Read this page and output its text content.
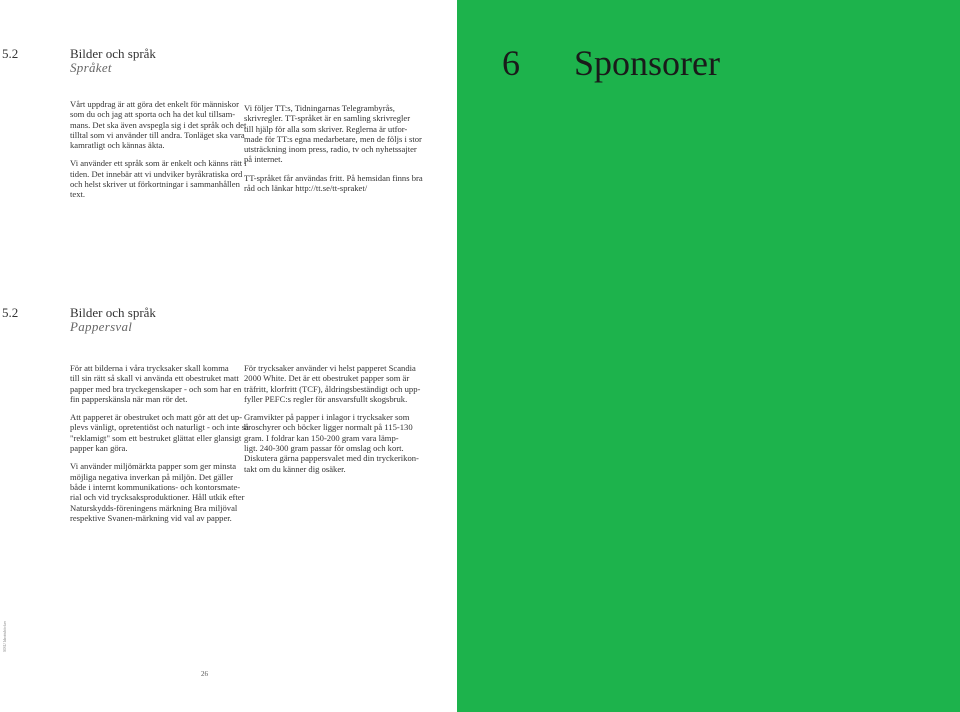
5.2	Bilder och språk
Språket

Vårt uppdrag är att göra det enkelt för människor
som du och jag att sporta och ha det kul tillsam-
mans. Det ska även avspegla sig i det språk och det
tilltal som vi använder till andra. Tonläget ska vara
kamratligt och kännas äkta.

Vi använder ett språk som är enkelt och känns rätt i
tiden. Det innebär att vi undviker byråkratiska ord
och helst skriver ut förkortningar i sammanhållen
text.

Vi följer TT:s, Tidningarnas Telegrambyrås,
skrivregler. TT-språket är en samling skrivregler
till hjälp för alla som skriver. Reglerna är utfor-
made för TT:s egna medarbetare, men de följs i stor
utsträckning inom press, radio, tv och nyhetssajter
på internet.

TT-språket får användas fritt. På hemsidan finns bra
råd och länkar http://tt.se/tt-spraket/

5.2	Bilder och språk
Pappersval

För att bilderna i våra trycksaker skall komma
till sin rätt så skall vi använda ett obestruket matt
papper med bra tryckegenskaper - och som har en
fin papperskänsla när man rör det.

Att papperet är obestruket och matt gör att det up-
plevs vänligt, opretentiöst och naturligt - och inte så
"reklamigt" som ett bestruket glättat eller glansigt
papper kan göra.

Vi använder miljömärkta papper som ger minsta
möjliga negativa inverkan på miljön. Det gäller
både i internt kommunikations- och kontorsmate-
rial och vid trycksaksproduktioner. Håll utkik efter
Naturskydds-föreningens märkning Bra miljöval
respektive Svanen-märkning vid val av papper.

För trycksaker använder vi helst papperet Scandia
2000 White. Det är ett obestruket papper som är
träfritt, klorfritt (TCF), åldringsbeständigt och upp-
fyller PEFC:s regler för ansvarsfullt skogsbruk.

Gramvikter på papper i inlagor i trycksaker som
broschyrer och böcker ligger normalt på 115-130
gram. I foldrar kan 150-200 gram vara lämp-
ligt. 240-300 gram passar för omslag och kort.
Diskutera gärna pappersvalet med din tryckerikon-
takt om du känner dig osäker.

SISU Idrottsböcker
26
6 Sponsorer
